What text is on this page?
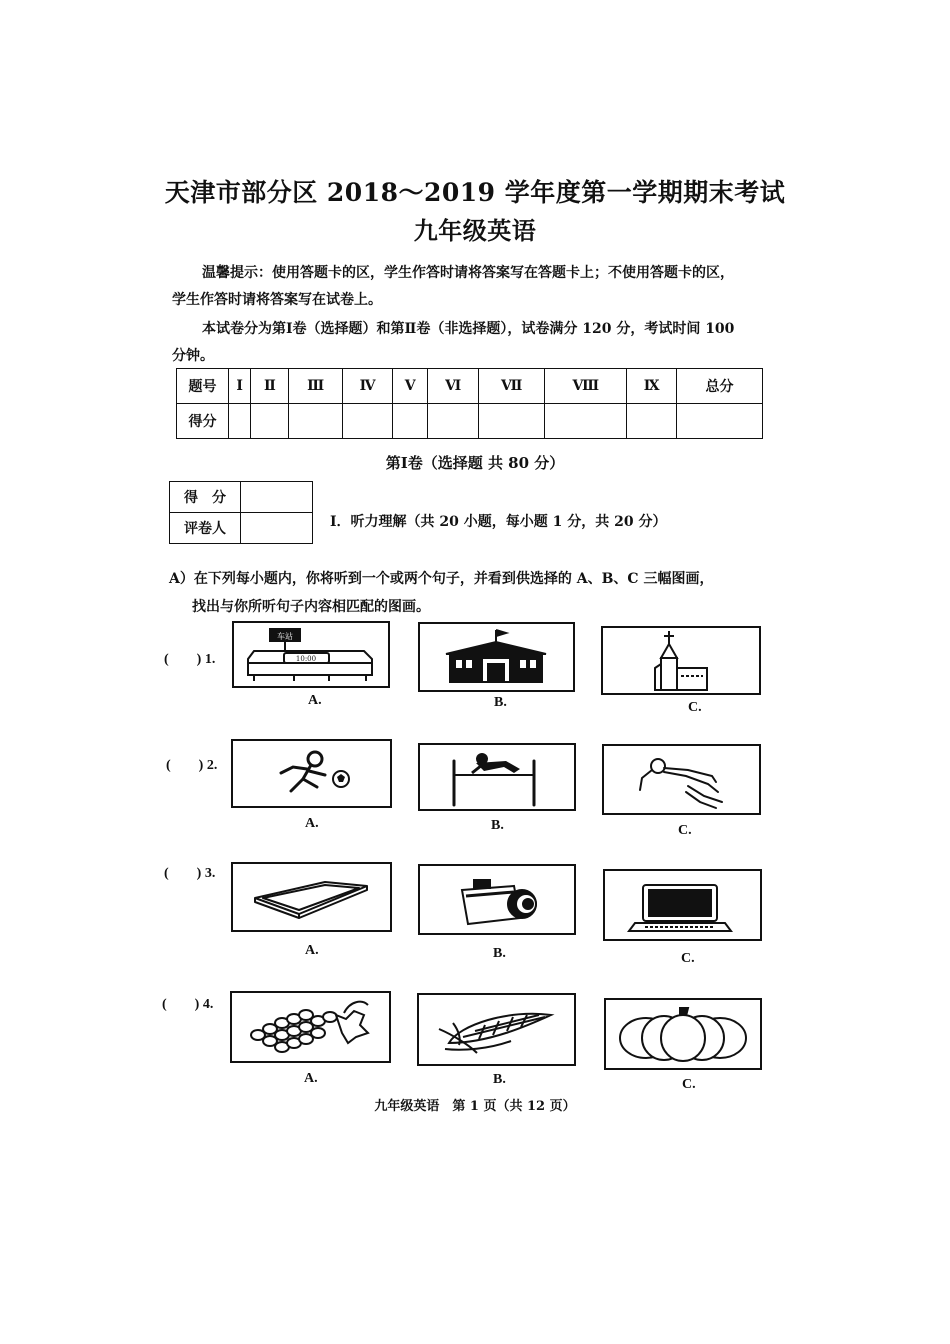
天津市部分区 2018～2019 学年度第一学期期末考试
九年级英语
温馨提示：使用答题卡的区，学生作答时请将答案写在答题卡上；不使用答题卡的区，
学生作答时请将答案写在试卷上。
本试卷分为第Ⅰ卷（选择题）和第Ⅱ卷（非选择题），试卷满分 120 分，考试时间 100
分钟。
题号	Ⅰ	Ⅱ	Ⅲ	Ⅳ	Ⅴ	Ⅵ	Ⅶ	Ⅷ	Ⅸ	总分
得分										
第Ⅰ卷（选择题 共 80 分）
得　分	
评卷人		Ⅰ．听力理解（共 20 小题，每小题 1 分，共 20 分）
A）在下列每小题内，你将听到一个或两个句子，并看到供选择的 A、B、C 三幅图画，
找出与你所听句子内容相匹配的图画。
(　　) 1.
车站
10:00
A.	B.	C.
(　　) 2.
A.	B.	C.
(　　) 3.
A.	B.	C.
(　　) 4.
A.	B.	C.
九年级英语　第 1 页（共 12 页）
